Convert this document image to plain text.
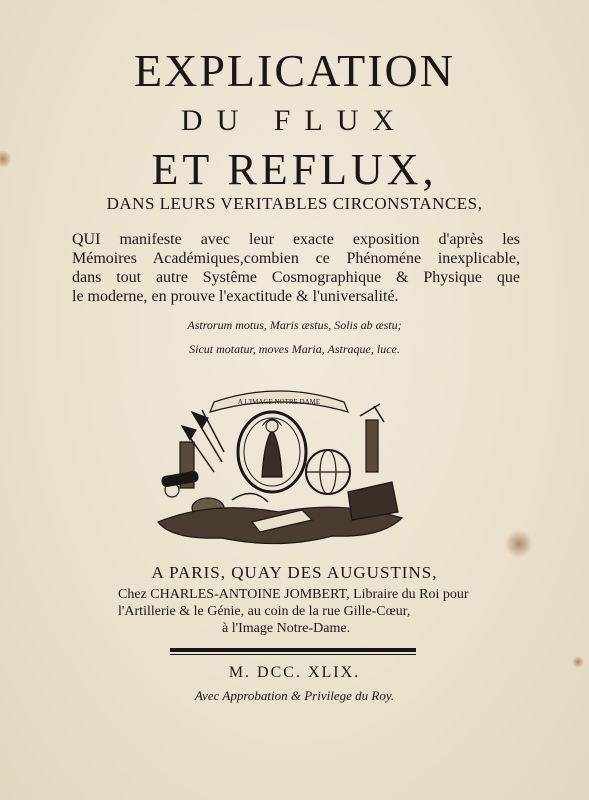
EXPLICATION
DU FLUX
ET REFLUX,
DANS LEURS VERITABLES CIRCONSTANCES,
QUI manifeste avec leur exacte exposition d'après les
Mémoires Académiques,combien ce Phénoméne inexplicable,
dans tout autre Systême Cosmographique & Physique que
le moderne, en prouve l'exactitude & l'universalité.
Astrorum motus, Maris æstus, Solis ab æstu;
Sicut motatur, moves Maria, Astraque, luce.
A L'IMAGE NOTRE DAME
A PARIS, QUAY DES AUGUSTINS,
Chez CHARLES-ANTOINE JOMBERT, Libraire du Roi pour
l'Artillerie & le Génie, au coin de la rue Gille-Cœur,
à l'Image Notre-Dame.
M. DCC. XLIX.
Avec Approbation & Privilege du Roy.
